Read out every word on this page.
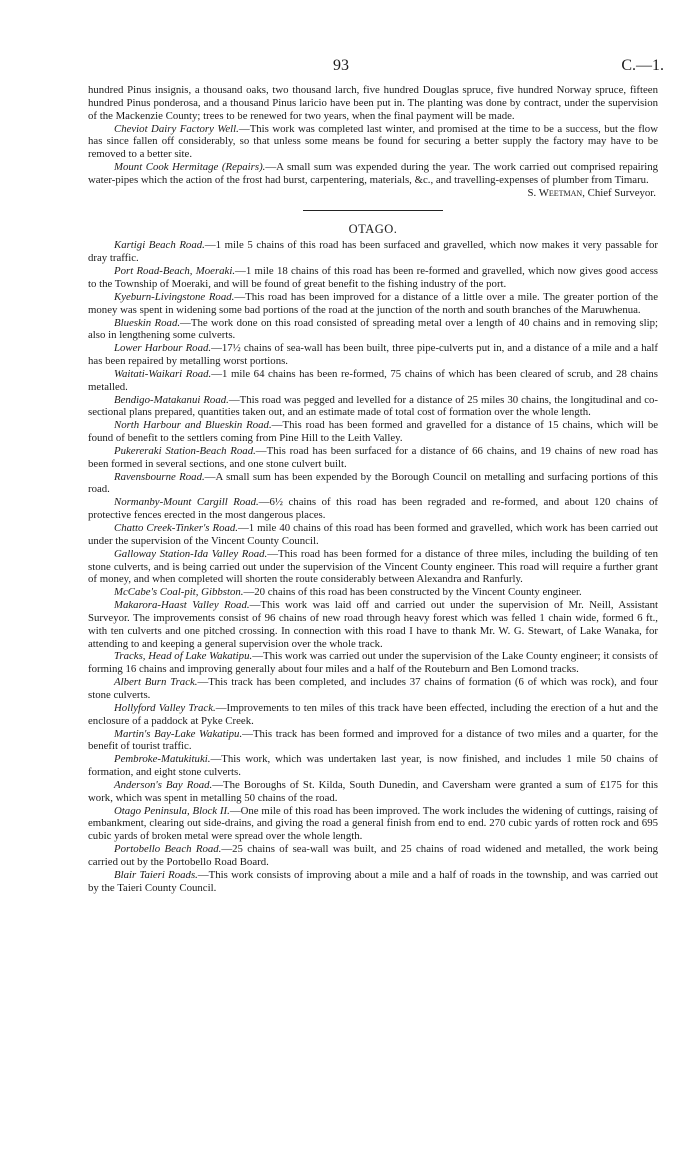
93	C.—1.

hundred Pinus insignis, a thousand oaks, two thousand larch, five hundred Douglas spruce, five hundred Norway spruce, fifteen hundred Pinus ponderosa, and a thousand Pinus laricio have been put in. The planting was done by contract, under the supervision of the Mackenzie County; trees to be renewed for two years, when the final payment will be made.

Cheviot Dairy Factory Well.—This work was completed last winter, and promised at the time to be a success, but the flow has since fallen off considerably, so that unless some means be found for securing a better supply the factory may have to be removed to a better site.

Mount Cook Hermitage (Repairs).—A small sum was expended during the year. The work carried out comprised repairing water-pipes which the action of the frost had burst, carpentering, materials, &c., and travelling-expenses of plumber from Timaru.

S. Weetman, Chief Surveyor.

OTAGO.

Kartigi Beach Road.—1 mile 5 chains of this road has been surfaced and gravelled, which now makes it very passable for dray traffic.

Port Road-Beach, Moeraki.—1 mile 18 chains of this road has been re-formed and gravelled, which now gives good access to the Township of Moeraki, and will be found of great benefit to the fishing industry of the port.

Kyeburn-Livingstone Road.—This road has been improved for a distance of a little over a mile. The greater portion of the money was spent in widening some bad portions of the road at the junction of the north and south branches of the Maruwhenua.

Blueskin Road.—The work done on this road consisted of spreading metal over a length of 40 chains and in removing slip; also in lengthening some culverts.

Lower Harbour Road.—17½ chains of sea-wall has been built, three pipe-culverts put in, and a distance of a mile and a half has been repaired by metalling worst portions.

Waitati-Waikari Road.—1 mile 64 chains has been re-formed, 75 chains of which has been cleared of scrub, and 28 chains metalled.

Bendigo-Matakanui Road.—This road was pegged and levelled for a distance of 25 miles 30 chains, the longitudinal and co-sectional plans prepared, quantities taken out, and an estimate made of total cost of formation over the whole length.

North Harbour and Blueskin Road.—This road has been formed and gravelled for a distance of 15 chains, which will be found of benefit to the settlers coming from Pine Hill to the Leith Valley.

Pukereraki Station-Beach Road.—This road has been surfaced for a distance of 66 chains, and 19 chains of new road has been formed in several sections, and one stone culvert built.

Ravensbourne Road.—A small sum has been expended by the Borough Council on metalling and surfacing portions of this road.

Normanby-Mount Cargill Road.—6½ chains of this road has been regraded and re-formed, and about 120 chains of protective fences erected in the most dangerous places.

Chatto Creek-Tinker's Road.—1 mile 40 chains of this road has been formed and gravelled, which work has been carried out under the supervision of the Vincent County Council.

Galloway Station-Ida Valley Road.—This road has been formed for a distance of three miles, including the building of ten stone culverts, and is being carried out under the supervision of the Vincent County engineer. This road will require a further grant of money, and when completed will shorten the route considerably between Alexandra and Ranfurly.

McCabe's Coal-pit, Gibbston.—20 chains of this road has been constructed by the Vincent County engineer.

Makarora-Haast Valley Road.—This work was laid off and carried out under the supervision of Mr. Neill, Assistant Surveyor. The improvements consist of 96 chains of new road through heavy forest which was felled 1 chain wide, formed 6 ft., with ten culverts and one pitched crossing. In connection with this road I have to thank Mr. W. G. Stewart, of Lake Wanaka, for attending to and keeping a general supervision over the whole track.

Tracks, Head of Lake Wakatipu.—This work was carried out under the supervision of the Lake County engineer; it consists of forming 16 chains and improving generally about four miles and a half of the Routeburn and Ben Lomond tracks.

Albert Burn Track.—This track has been completed, and includes 37 chains of formation (6 of which was rock), and four stone culverts.

Hollyford Valley Track.—Improvements to ten miles of this track have been effected, including the erection of a hut and the enclosure of a paddock at Pyke Creek.

Martin's Bay-Lake Wakatipu.—This track has been formed and improved for a distance of two miles and a quarter, for the benefit of tourist traffic.

Pembroke-Matukituki.—This work, which was undertaken last year, is now finished, and includes 1 mile 50 chains of formation, and eight stone culverts.

Anderson's Bay Road.—The Boroughs of St. Kilda, South Dunedin, and Caversham were granted a sum of £175 for this work, which was spent in metalling 50 chains of the road.

Otago Peninsula, Block II.—One mile of this road has been improved. The work includes the widening of cuttings, raising of embankment, clearing out side-drains, and giving the road a general finish from end to end. 270 cubic yards of rotten rock and 695 cubic yards of broken metal were spread over the whole length.

Portobello Beach Road.—25 chains of sea-wall was built, and 25 chains of road widened and metalled, the work being carried out by the Portobello Road Board.

Blair Taieri Roads.—This work consists of improving about a mile and a half of roads in the township, and was carried out by the Taieri County Council.
